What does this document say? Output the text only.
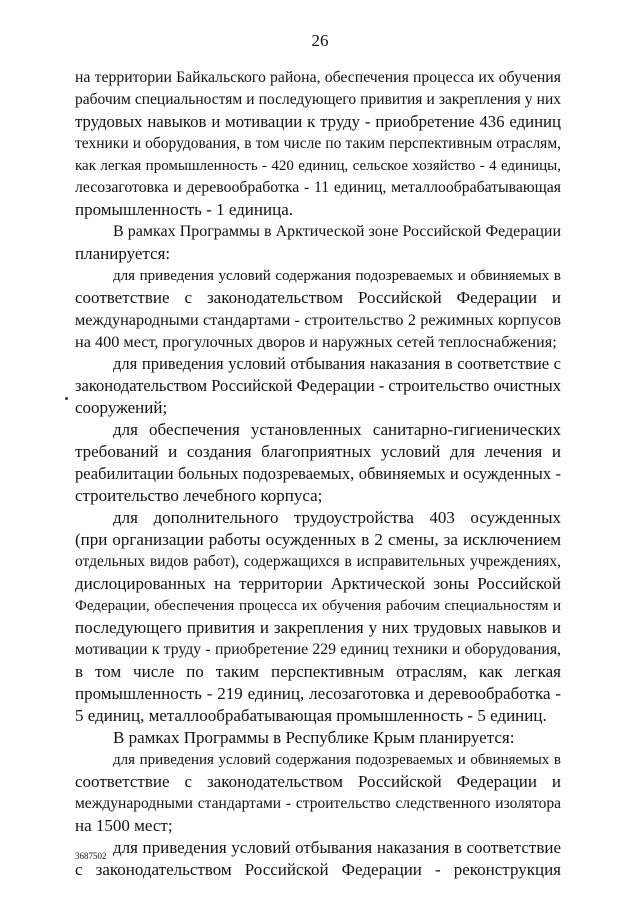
26

на территории Байкальского района, обеспечения процесса их обучения

рабочим специальностям и последующего привития и закрепления у них

трудовых навыков и мотивации к труду - приобретение 436 единиц

техники и оборудования, в том числе по таким перспективным отраслям,

как легкая промышленность - 420 единиц, сельское хозяйство - 4 единицы,

лесозаготовка и деревообработка - 11 единиц, металлообрабатывающая

промышленность - 1 единица.

В рамках Программы в Арктической зоне Российской Федерации

планируется:

для приведения условий содержания подозреваемых и обвиняемых в

соответствие с законодательством Российской Федерации и

международными стандартами - строительство 2 режимных корпусов

на 400 мест, прогулочных дворов и наружных сетей теплоснабжения;

для приведения условий отбывания наказания в соответствие с

законодательством Российской Федерации - строительство очистных

сооружений;

для обеспечения установленных санитарно-гигиенических

требований и создания благоприятных условий для лечения и

реабилитации больных подозреваемых, обвиняемых и осужденных -

строительство лечебного корпуса;

для дополнительного трудоустройства 403 осужденных

(при организации работы осужденных в 2 смены, за исключением

отдельных видов работ), содержащихся в исправительных учреждениях,

дислоцированных на территории Арктической зоны Российской

Федерации, обеспечения процесса их обучения рабочим специальностям и

последующего привития и закрепления у них трудовых навыков и

мотивации к труду - приобретение 229 единиц техники и оборудования,

в том числе по таким перспективным отраслям, как легкая

промышленность - 219 единиц, лесозаготовка и деревообработка -

5 единиц, металлообрабатывающая промышленность - 5 единиц.

В рамках Программы в Республике Крым планируется:

для приведения условий содержания подозреваемых и обвиняемых в

соответствие с законодательством Российской Федерации и

международными стандартами - строительство следственного изолятора

на 1500 мест;

для приведения условий отбывания наказания в соответствие

с законодательством Российской Федерации - реконструкция

3687502
